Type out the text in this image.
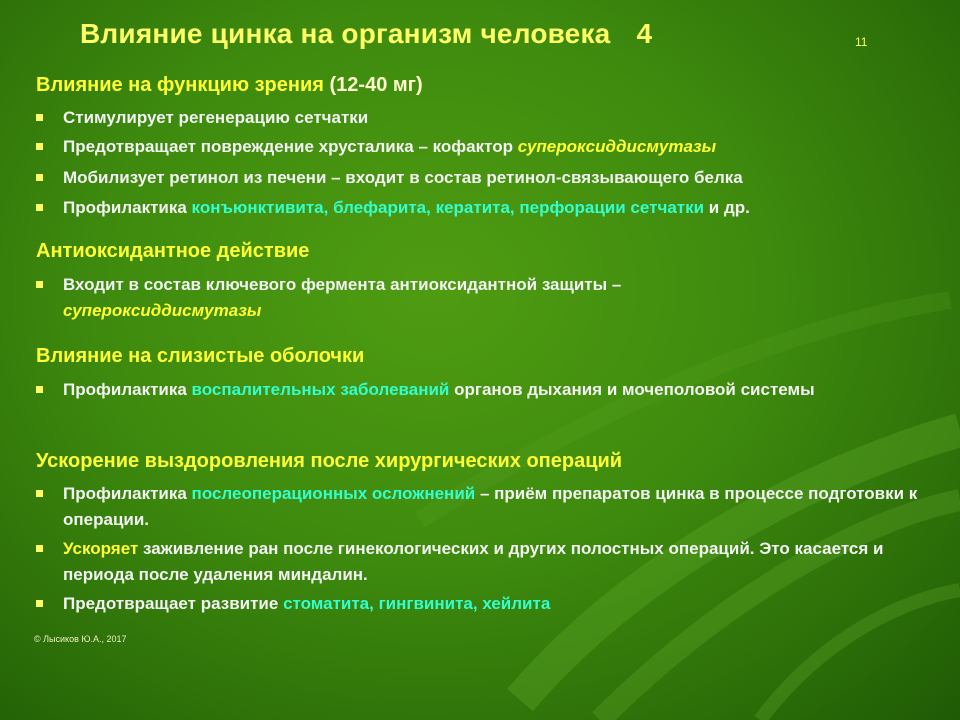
Влияние цинка на организм человека 4	11
Влияние на функцию зрения (12-40 мг)
Стимулирует регенерацию сетчатки
Предотвращает повреждение хрусталика – кофактор супероксиддисмутазы
Мобилизует ретинол из печени – входит в состав ретинол-связывающего белка
Профилактика конъюнктивита, блефарита, кератита, перфорации сетчатки и др.
Антиоксидантное действие
Входит в состав ключевого фермента антиоксидантной защиты –
супероксиддисмутазы
Влияние на слизистые оболочки
Профилактика воспалительных заболеваний органов дыхания и мочеполовой системы
Ускорение выздоровления после хирургических операций
Профилактика послеоперационных осложнений – приём препаратов цинка в процессе подготовки к операции.
Ускоряет заживление ран после гинекологических и других полостных операций. Это касается и периода после удаления миндалин.
Предотвращает развитие стоматита, гингвинита, хейлита
© Лысиков Ю.А., 2017
